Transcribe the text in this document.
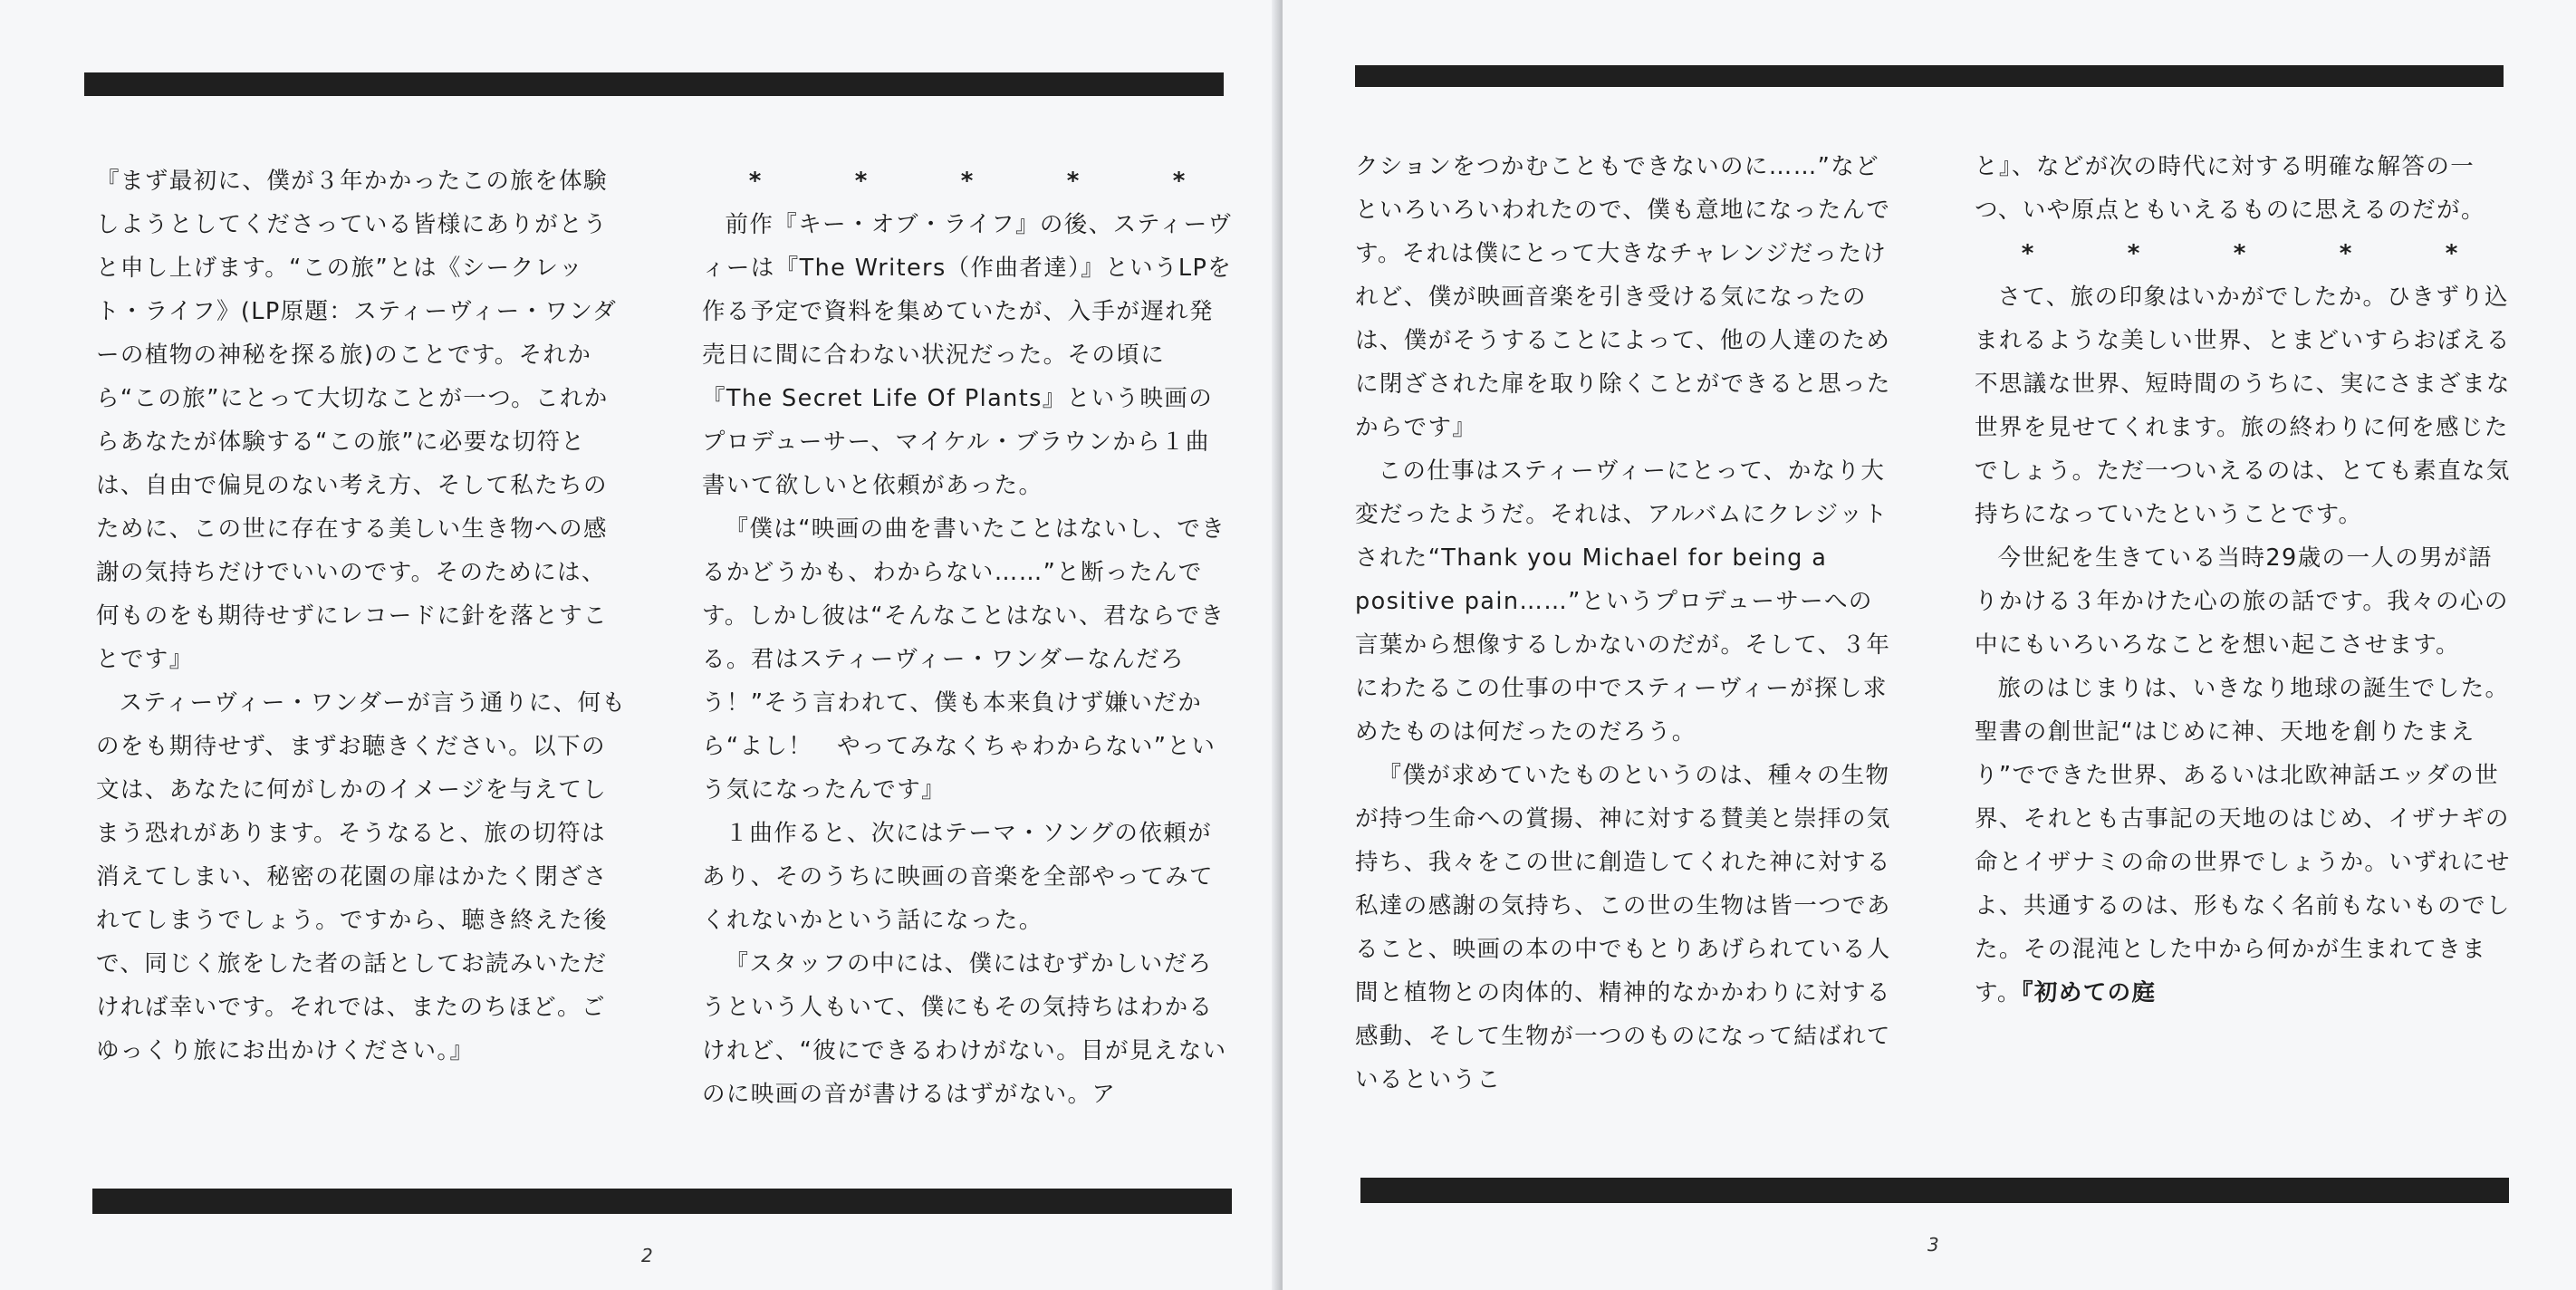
『まず最初に、僕が３年かかったこの旅を体験しようとしてくださっている皆様にありがとうと申し上げます。“この旅”とは《シークレット・ライフ》(LP原題：スティーヴィー・ワンダーの植物の神秘を探る旅)のことです。それから“この旅”にとって大切なことが一つ。これからあなたが体験する“この旅”に必要な切符とは、自由で偏見のない考え方、そして私たちのために、この世に存在する美しい生き物への感謝の気持ちだけでいいのです。そのためには、何ものをも期待せずにレコードに針を落とすことです』

スティーヴィー・ワンダーが言う通りに、何ものをも期待せず、まずお聴きください。以下の文は、あなたに何がしかのイメージを与えてしまう恐れがあります。そうなると、旅の切符は消えてしまい、秘密の花園の扉はかたく閉ざされてしまうでしょう。ですから、聴き終えた後で、同じく旅をした者の話としてお読みいただければ幸いです。それでは、またのちほど。ごゆっくり旅にお出かけください。』

*	*	*	*	*

前作『キー・オブ・ライフ』の後、スティーヴィーは『The Writers（作曲者達）』というLPを作る予定で資料を集めていたが、入手が遅れ発売日に間に合わない状況だった。その頃に『The Secret Life Of Plants』という映画のプロデューサー、マイケル・ブラウンから１曲書いて欲しいと依頼があった。

『僕は“映画の曲を書いたことはないし、できるかどうかも、わからない……”と断ったんです。しかし彼は“そんなことはない、君ならできる。君はスティーヴィー・ワンダーなんだろう！”そう言われて、僕も本来負けず嫌いだから“よし！　やってみなくちゃわからない”という気になったんです』

１曲作ると、次にはテーマ・ソングの依頼があり、そのうちに映画の音楽を全部やってみてくれないかという話になった。

『スタッフの中には、僕にはむずかしいだろうという人もいて、僕にもその気持ちはわかるけれど、“彼にできるわけがない。目が見えないのに映画の音が書けるはずがない。ア

2

クションをつかむこともできないのに……”などといろいろいわれたので、僕も意地になったんです。それは僕にとって大きなチャレンジだったけれど、僕が映画音楽を引き受ける気になったのは、僕がそうすることによって、他の人達のために閉ざされた扉を取り除くことができると思ったからです』

この仕事はスティーヴィーにとって、かなり大変だったようだ。それは、アルバムにクレジットされた“Thank you Michael for being a positive pain……”というプロデューサーへの言葉から想像するしかないのだが。そして、３年にわたるこの仕事の中でスティーヴィーが探し求めたものは何だったのだろう。

『僕が求めていたものというのは、種々の生物が持つ生命への賞揚、神に対する賛美と崇拝の気持ち、我々をこの世に創造してくれた神に対する私達の感謝の気持ち、この世の生物は皆一つであること、映画の本の中でもとりあげられている人間と植物との肉体的、精神的なかかわりに対する感動、そして生物が一つのものになって結ばれているというこ

と』、などが次の時代に対する明確な解答の一つ、いや原点ともいえるものに思えるのだが。

*	*	*	*	*

さて、旅の印象はいかがでしたか。ひきずり込まれるような美しい世界、とまどいすらおぼえる不思議な世界、短時間のうちに、実にさまざまな世界を見せてくれます。旅の終わりに何を感じたでしょう。ただ一ついえるのは、とても素直な気持ちになっていたということです。

今世紀を生きている当時29歳の一人の男が語りかける３年かけた心の旅の話です。我々の心の中にもいろいろなことを想い起こさせます。

旅のはじまりは、いきなり地球の誕生でした。聖書の創世記“はじめに神、天地を創りたまえり”でできた世界、あるいは北欧神話エッダの世界、それとも古事記の天地のはじめ、イザナギの命とイザナミの命の世界でしょうか。いずれにせよ、共通するのは、形もなく名前もないものでした。その混沌とした中から何かが生まれてきます。『初めての庭

3
